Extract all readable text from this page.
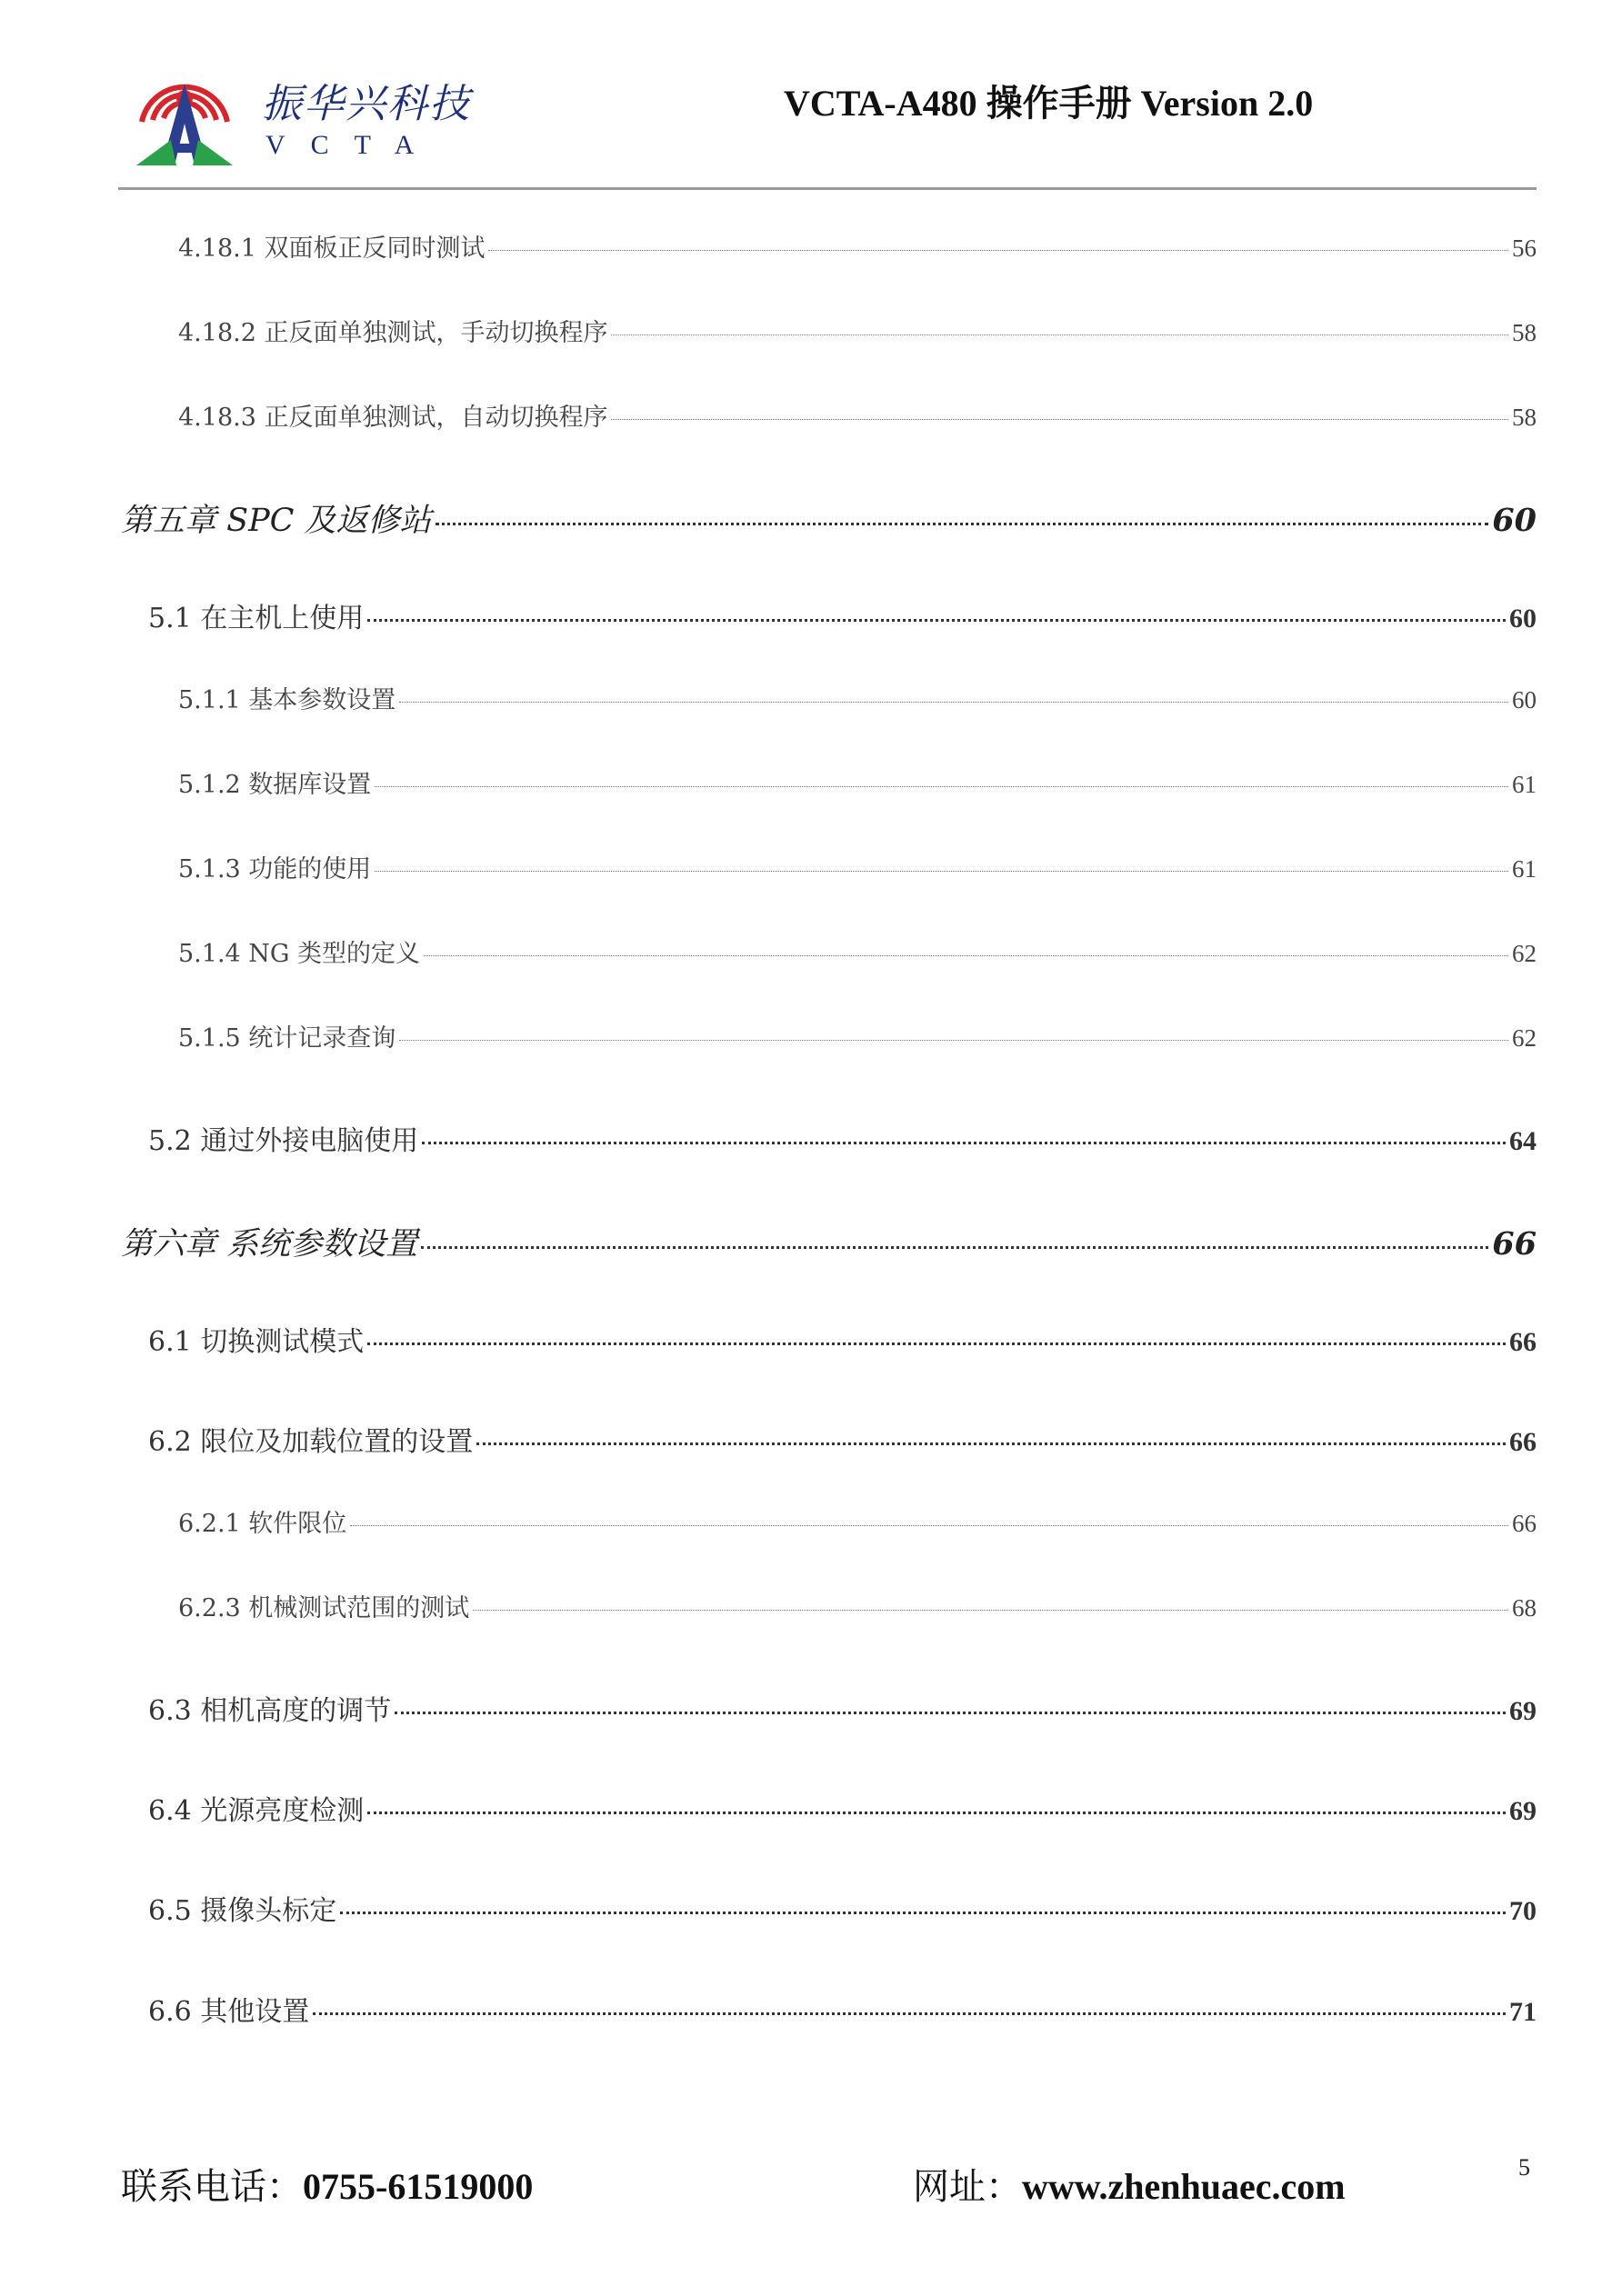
振华兴科技
VCTA
VCTA-A480 操作手册 Version 2.0
4.18.1 双面板正反同时测试	56
4.18.2 正反面单独测试，手动切换程序	58
4.18.3 正反面单独测试，自动切换程序	58
第五章 SPC 及返修站	60
5.1 在主机上使用	60
5.1.1 基本参数设置	60
5.1.2 数据库设置	61
5.1.3 功能的使用	61
5.1.4 NG 类型的定义	62
5.1.5 统计记录查询	62
5.2 通过外接电脑使用	64
第六章 系统参数设置	66
6.1 切换测试模式	66
6.2 限位及加载位置的设置	66
6.2.1 软件限位	66
6.2.3 机械测试范围的测试	68
6.3 相机高度的调节	69
6.4 光源亮度检测	69
6.5 摄像头标定	70
6.6 其他设置	71
联系电话：0755-61519000	网址：www.zhenhuaec.com	5
